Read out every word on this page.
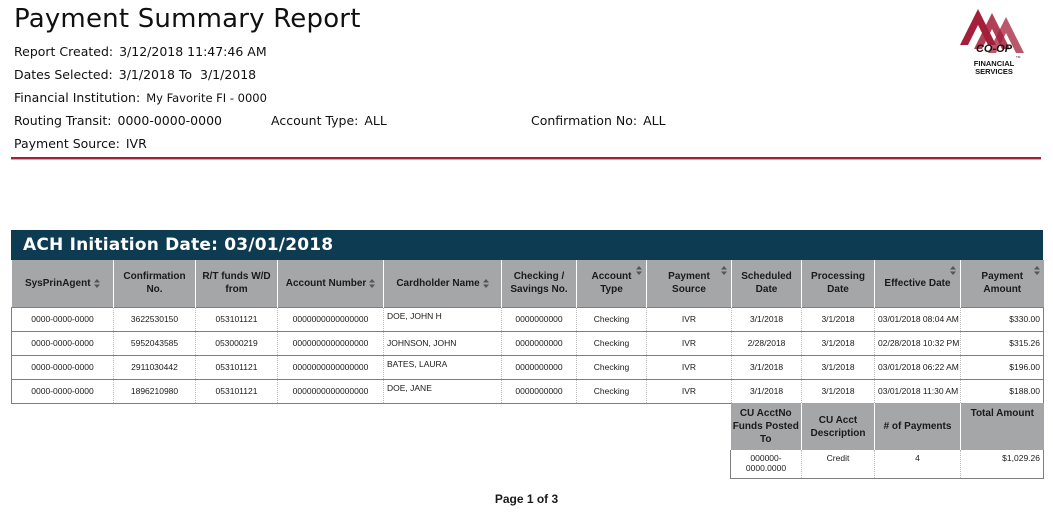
Payment Summary Report
Report Created: 3/12/2018 11:47:46 AM
Dates Selected: 3/1/2018 To  3/1/2018
Financial Institution: My Favorite FI - 0000
Routing Transit: 0000-0000-0000	Account Type: ALL	Confirmation No: ALL
Payment Source: IVR
CO-OP
TM
FINANCIAL
SERVICES
ACH Initiation Date: 03/01/2018
SysPrinAgent	Confirmation No.	R/T funds W/D from	Account Number	Cardholder Name	Checking / Savings No.	Account Type	Payment Source	Scheduled Date	Processing Date	Effective Date	Payment Amount

0000-0000-0000	3622530150	053101121	0000000000000000	DOE, JOHN H	0000000000	Checking	IVR	3/1/2018	3/1/2018	03/01/2018 08:04 AM	$330.00
0000-0000-0000	5952043585	053000219	0000000000000000	JOHNSON, JOHN	0000000000	Checking	IVR	2/28/2018	3/1/2018	02/28/2018 10:32 PM	$315.26
0000-0000-0000	2911030442	053101121	0000000000000000	BATES, LAURA	0000000000	Checking	IVR	3/1/2018	3/1/2018	03/01/2018 06:22 AM	$196.00
0000-0000-0000	1896210980	053101121	0000000000000000	DOE, JANE	0000000000	Checking	IVR	3/1/2018	3/1/2018	03/01/2018 11:30 AM	$188.00
CU AcctNo Funds Posted To	CU Acct Description	# of Payments	Total Amount
000000-0000.0000	Credit	4	$1,029.26
Page 1 of 3
